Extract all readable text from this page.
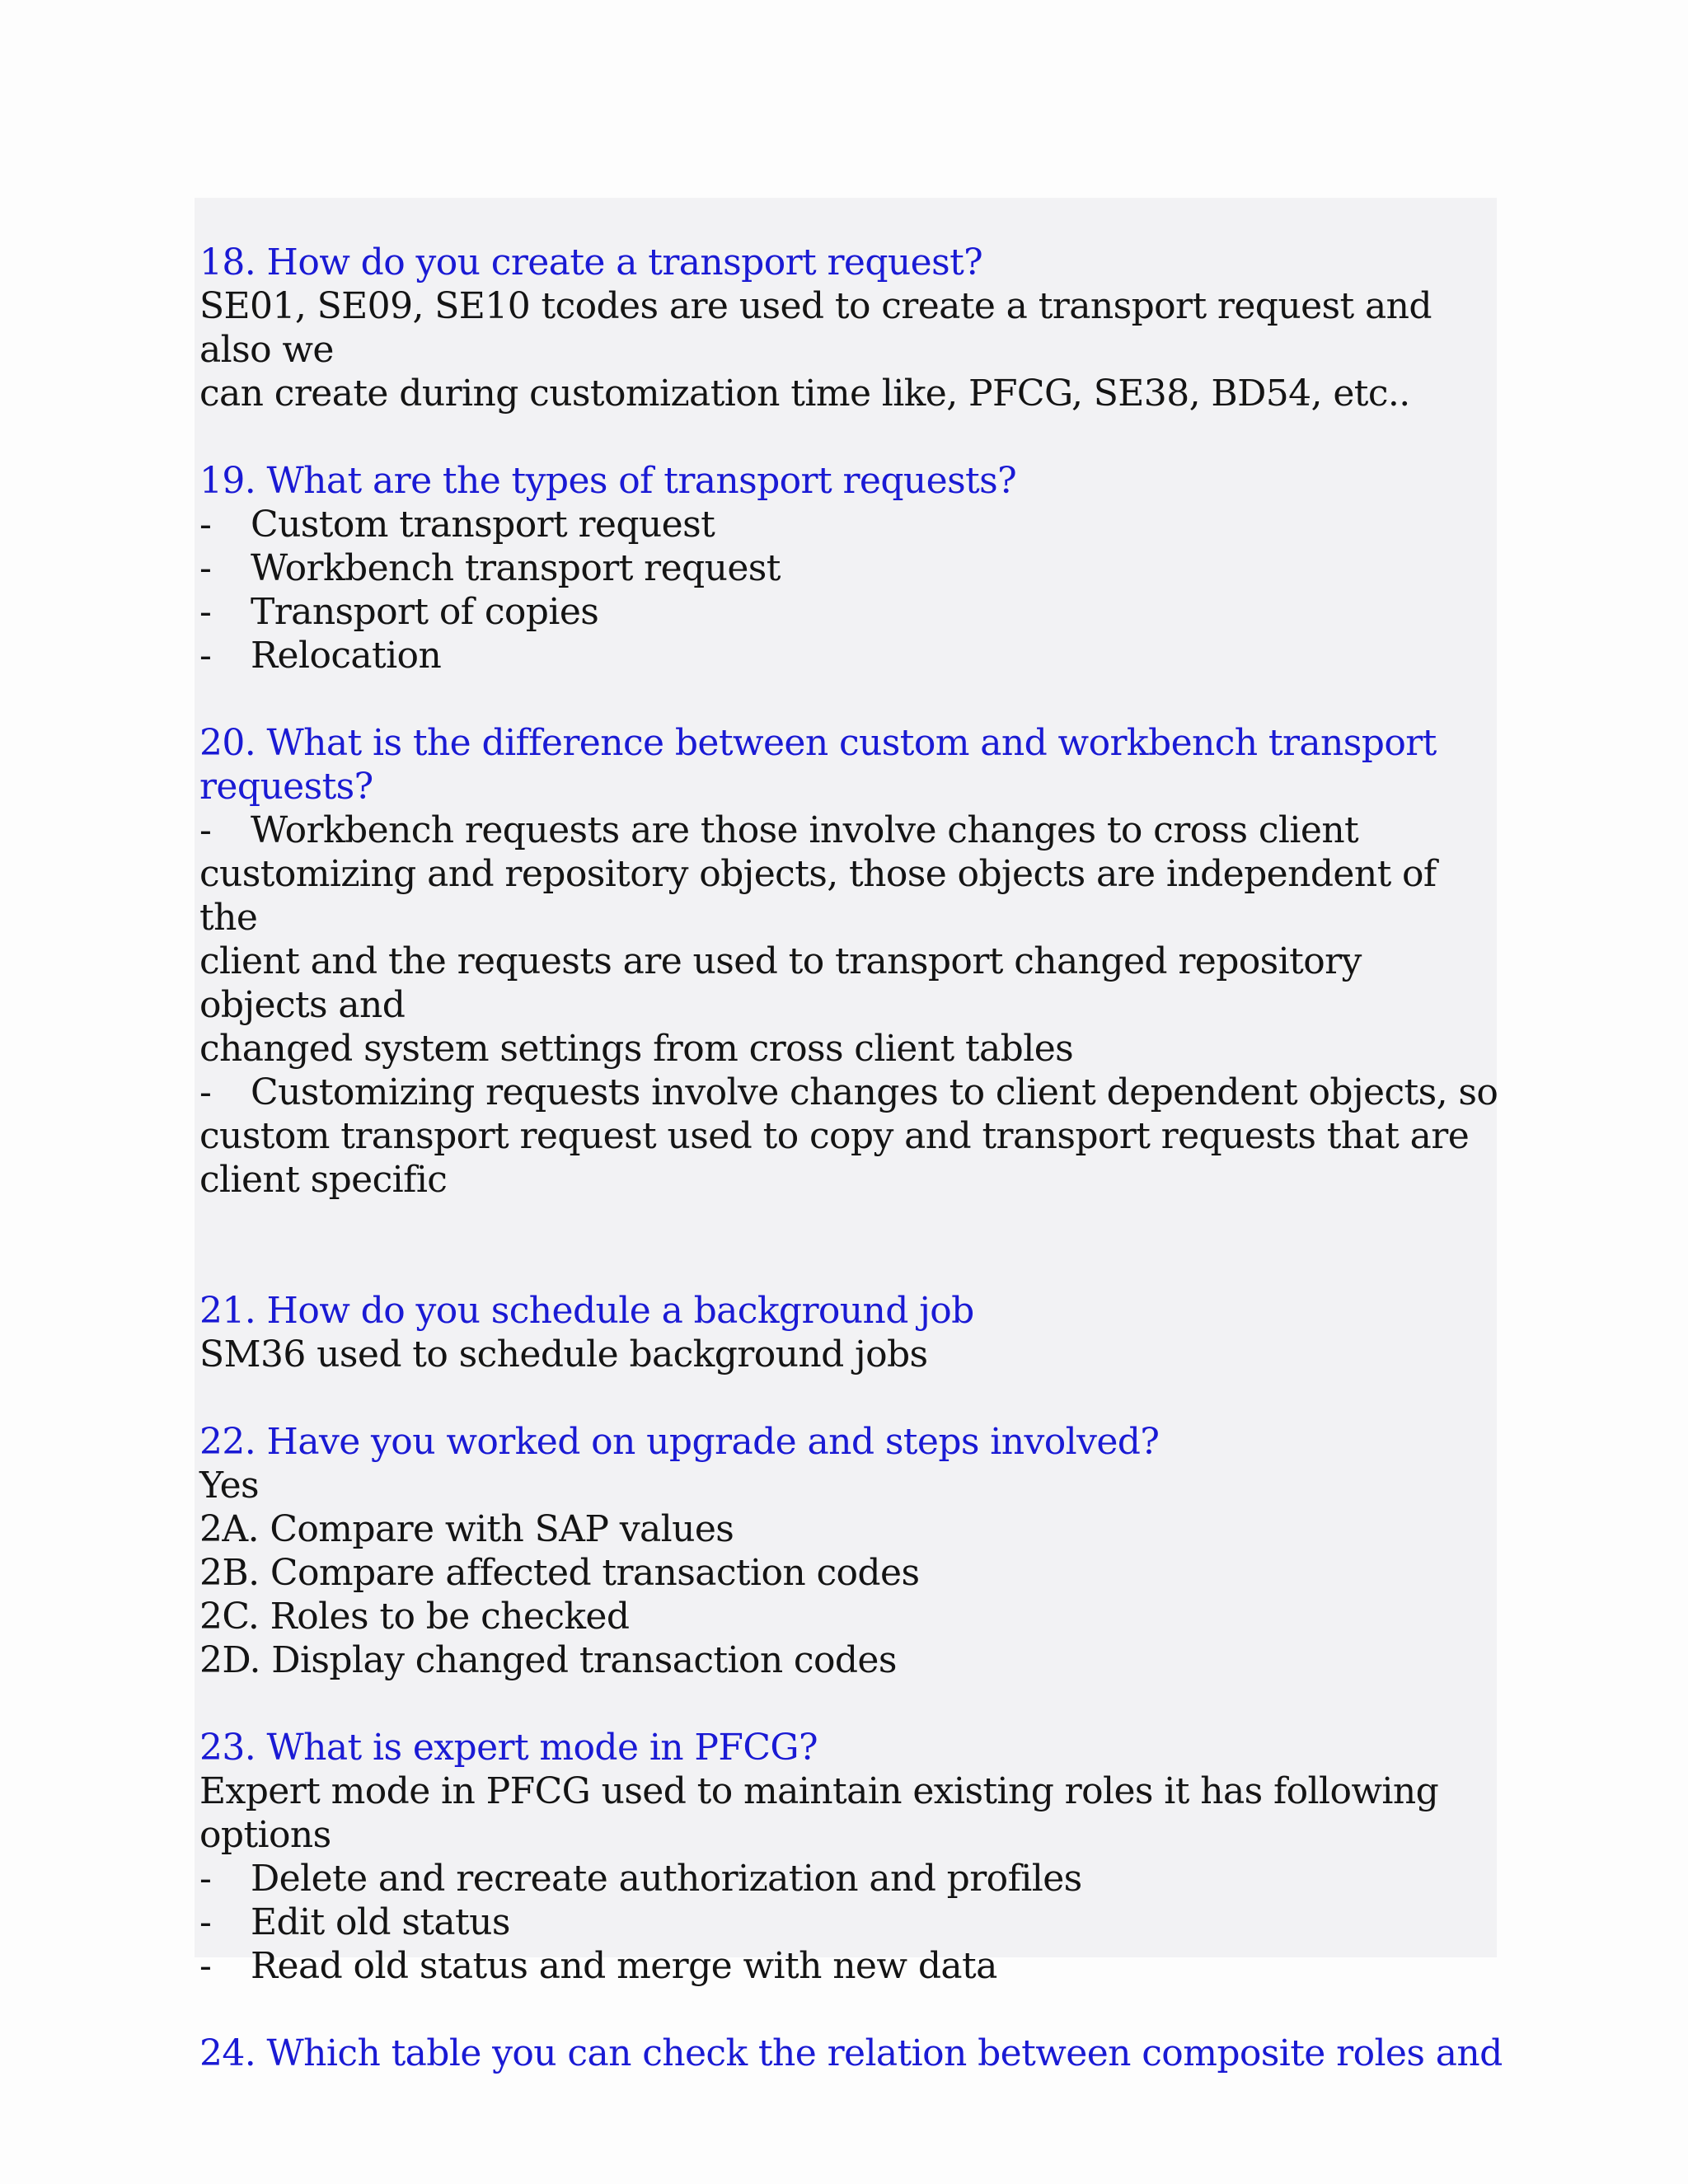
18. How do you create a transport request?

SE01, SE09, SE10 tcodes are used to create a transport request and also we
can create during customization time like, PFCG, SE38, BD54, etc..

19. What are the types of transport requests?

-	Custom transport request
-	Workbench transport request
-	Transport of copies
-	Relocation

20. What is the difference between custom and workbench transport

requests?

-	Workbench requests are those involve changes to cross client

customizing and repository objects, those objects are independent of the
client and the requests are used to transport changed repository objects and
changed system settings from cross client tables

-	Customizing requests involve changes to client dependent objects, so

custom transport request used to copy and transport requests that are
client specific

21. How do you schedule a background job

SM36 used to schedule background jobs

22. Have you worked on upgrade and steps involved?

Yes
2A. Compare with SAP values
2B. Compare affected transaction codes
2C. Roles to be checked
2D. Display changed transaction codes

23. What is expert mode in PFCG?

Expert mode in PFCG used to maintain existing roles it has following
options

-	Delete and recreate authorization and profiles
-	Edit old status
-	Read old status and merge with new data

24. Which table you can check the relation between composite roles and
